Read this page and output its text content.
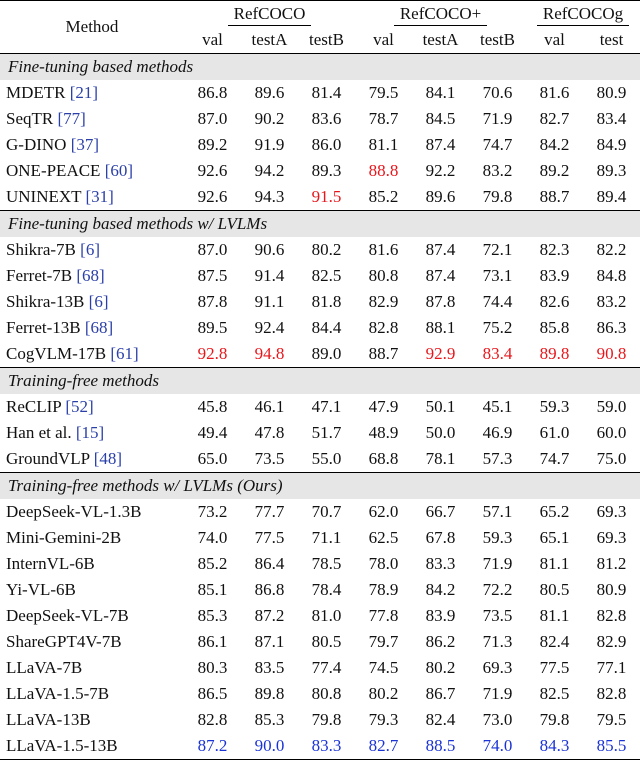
Method	RefCOCO			RefCOCO+			RefCOCOg	
	val	testA	testB	val	testA	testB	val	test
Fine-tuning based methods								
MDETR [21]	86.8	89.6	81.4	79.5	84.1	70.6	81.6	80.9
SeqTR [77]	87.0	90.2	83.6	78.7	84.5	71.9	82.7	83.4
G-DINO [37]	89.2	91.9	86.0	81.1	87.4	74.7	84.2	84.9
ONE-PEACE [60]	92.6	94.2	89.3	88.8	92.2	83.2	89.2	89.3
UNINEXT [31]	92.6	94.3	91.5	85.2	89.6	79.8	88.7	89.4
Fine-tuning based methods w/ LVLMs								
Shikra-7B [6]	87.0	90.6	80.2	81.6	87.4	72.1	82.3	82.2
Ferret-7B [68]	87.5	91.4	82.5	80.8	87.4	73.1	83.9	84.8
Shikra-13B [6]	87.8	91.1	81.8	82.9	87.8	74.4	82.6	83.2
Ferret-13B [68]	89.5	92.4	84.4	82.8	88.1	75.2	85.8	86.3
CogVLM-17B [61]	92.8	94.8	89.0	88.7	92.9	83.4	89.8	90.8
Training-free methods								
ReCLIP [52]	45.8	46.1	47.1	47.9	50.1	45.1	59.3	59.0
Han et al. [15]	49.4	47.8	51.7	48.9	50.0	46.9	61.0	60.0
GroundVLP [48]	65.0	73.5	55.0	68.8	78.1	57.3	74.7	75.0
Training-free methods w/ LVLMs (Ours)								
DeepSeek-VL-1.3B	73.2	77.7	70.7	62.0	66.7	57.1	65.2	69.3
Mini-Gemini-2B	74.0	77.5	71.1	62.5	67.8	59.3	65.1	69.3
InternVL-6B	85.2	86.4	78.5	78.0	83.3	71.9	81.1	81.2
Yi-VL-6B	85.1	86.8	78.4	78.9	84.2	72.2	80.5	80.9
DeepSeek-VL-7B	85.3	87.2	81.0	77.8	83.9	73.5	81.1	82.8
ShareGPT4V-7B	86.1	87.1	80.5	79.7	86.2	71.3	82.4	82.9
LLaVA-7B	80.3	83.5	77.4	74.5	80.2	69.3	77.5	77.1
LLaVA-1.5-7B	86.5	89.8	80.8	80.2	86.7	71.9	82.5	82.8
LLaVA-13B	82.8	85.3	79.8	79.3	82.4	73.0	79.8	79.5
LLaVA-1.5-13B	87.2	90.0	83.3	82.7	88.5	74.0	84.3	85.5
